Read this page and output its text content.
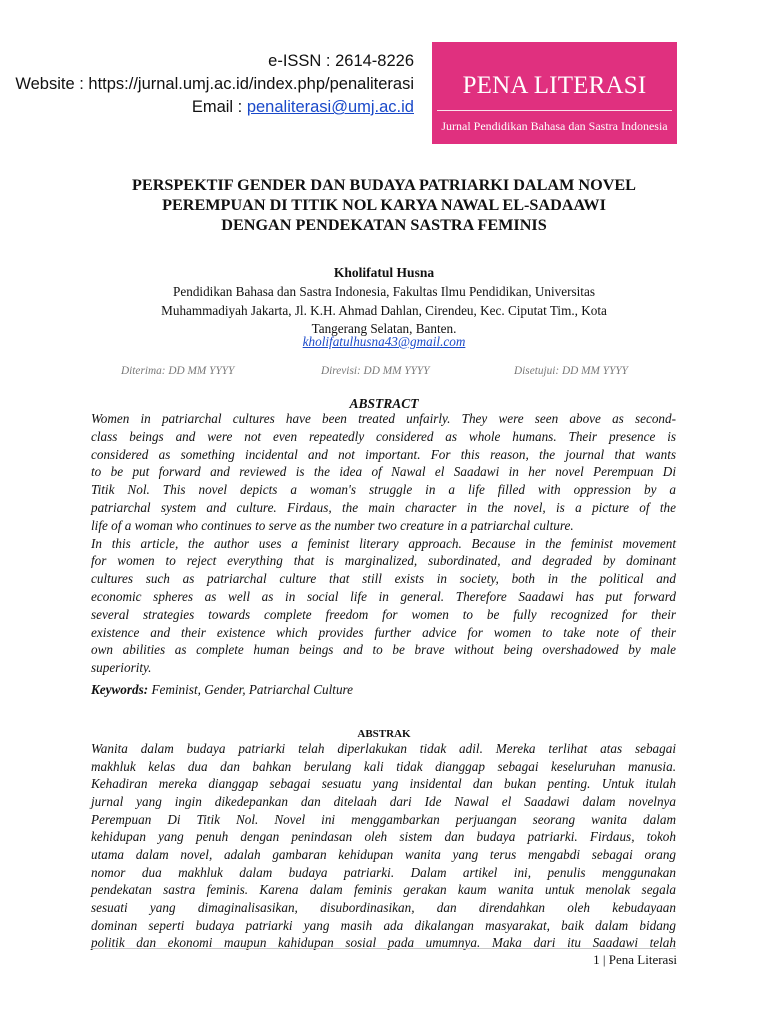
e-ISSN : 2614-8226
Website : https://jurnal.umj.ac.id/index.php/penaliterasi
Email : penaliterasi@umj.ac.id
PENA LITERASI
Jurnal Pendidikan Bahasa dan Sastra Indonesia
PERSPEKTIF GENDER DAN BUDAYA PATRIARKI DALAM NOVEL
PEREMPUAN DI TITIK NOL KARYA NAWAL EL-SADAAWI
DENGAN PENDEKATAN SASTRA FEMINIS
Kholifatul Husna
Pendidikan Bahasa dan Sastra Indonesia, Fakultas Ilmu Pendidikan, Universitas
Muhammadiyah Jakarta, Jl. K.H. Ahmad Dahlan, Cirendeu, Kec. Ciputat Tim., Kota
Tangerang Selatan, Banten.
kholifatulhusna43@gmail.com
Diterima: DD MM YYYY	Direvisi: DD MM YYYY	Disetujui: DD MM YYYY
ABSTRACT
Women in patriarchal cultures have been treated unfairly. They were seen above as second-
class beings and were not even repeatedly considered as whole humans. Their presence is
considered as something incidental and not important. For this reason, the journal that wants
to be put forward and reviewed is the idea of Nawal el Saadawi in her novel Perempuan Di
Titik Nol. This novel depicts a woman's struggle in a life filled with oppression by a
patriarchal system and culture. Firdaus, the main character in the novel, is a picture of the
life of a woman who continues to serve as the number two creature in a patriarchal culture.
In this article, the author uses a feminist literary approach. Because in the feminist movement
for women to reject everything that is marginalized, subordinated, and degraded by dominant
cultures such as patriarchal culture that still exists in society, both in the political and
economic spheres as well as in social life in general. Therefore Saadawi has put forward
several strategies towards complete freedom for women to be fully recognized for their
existence and their existence which provides further advice for women to take note of their
own abilities as complete human beings and to be brave without being overshadowed by male
superiority.
Keywords: Feminist, Gender, Patriarchal Culture
ABSTRAK
Wanita dalam budaya patriarki telah diperlakukan tidak adil. Mereka terlihat atas sebagai
makhluk kelas dua dan bahkan berulang kali tidak dianggap sebagai keseluruhan manusia.
Kehadiran mereka dianggap sebagai sesuatu yang insidental dan bukan penting. Untuk itulah
jurnal yang ingin dikedepankan dan ditelaah dari Ide Nawal el Saadawi dalam novelnya
Perempuan Di Titik Nol. Novel ini menggambarkan perjuangan seorang wanita dalam
kehidupan yang penuh dengan penindasan oleh sistem dan budaya patriarki. Firdaus, tokoh
utama dalam novel, adalah gambaran kehidupan wanita yang terus mengabdi sebagai orang
nomor dua makhluk dalam budaya patriarki. Dalam artikel ini, penulis menggunakan
pendekatan sastra feminis. Karena dalam feminis gerakan kaum wanita untuk menolak segala
sesuati yang dimaginalisasikan, disubordinasikan, dan direndahkan oleh kebudayaan
dominan seperti budaya patriarki yang masih ada dikalangan masyarakat, baik dalam bidang
politik dan ekonomi maupun kahidupan sosial pada umumnya. Maka dari itu Saadawi telah
1 | Pena Literasi
